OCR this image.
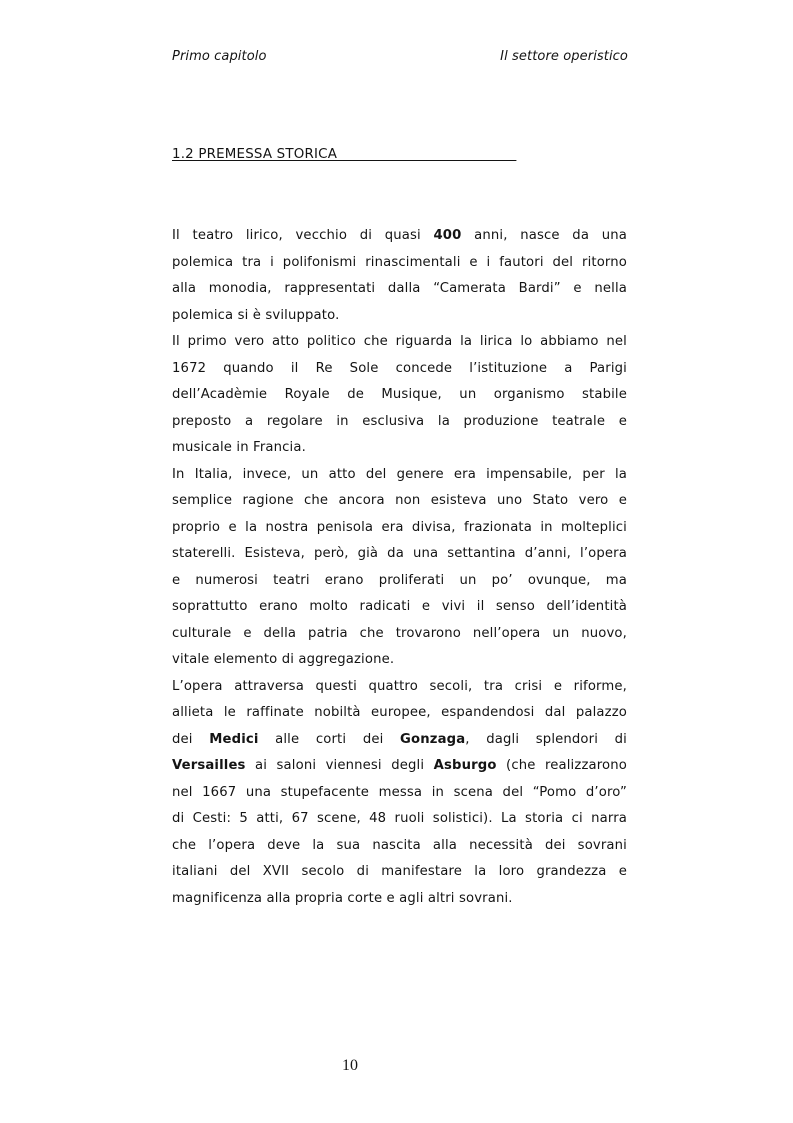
Primo capitolo	Il settore operistico
1.2 PREMESSA STORICA__________________________
Il teatro lirico, vecchio di quasi 400 anni, nasce da una
polemica tra i polifonismi rinascimentali e i fautori del ritorno
alla monodia, rappresentati dalla “Camerata Bardi” e nella
polemica si è sviluppato.
Il primo vero atto politico che riguarda la lirica lo abbiamo nel
1672 quando il Re Sole concede l’istituzione a Parigi
dell’Acadèmie Royale de Musique, un organismo stabile
preposto a regolare in esclusiva la produzione teatrale e
musicale in Francia.
In Italia, invece, un atto del genere era impensabile, per la
semplice ragione che ancora non esisteva uno Stato vero e
proprio e la nostra penisola era divisa, frazionata in molteplici
staterelli. Esisteva, però, già da una settantina d’anni, l’opera
e numerosi teatri erano proliferati un po’ ovunque, ma
soprattutto erano molto radicati e vivi il senso dell’identità
culturale e della patria che trovarono nell’opera un nuovo,
vitale elemento di aggregazione.
L’opera attraversa questi quattro secoli, tra crisi e riforme,
allieta le raffinate nobiltà europee, espandendosi dal palazzo
dei Medici alle corti dei Gonzaga, dagli splendori di
Versailles ai saloni viennesi degli Asburgo (che realizzarono
nel 1667 una stupefacente messa in scena del “Pomo d’oro”
di Cesti: 5 atti, 67 scene, 48 ruoli solistici). La storia ci narra
che l’opera deve la sua nascita alla necessità dei sovrani
italiani del XVII secolo di manifestare la loro grandezza e
magnificenza alla propria corte e agli altri sovrani.
10
